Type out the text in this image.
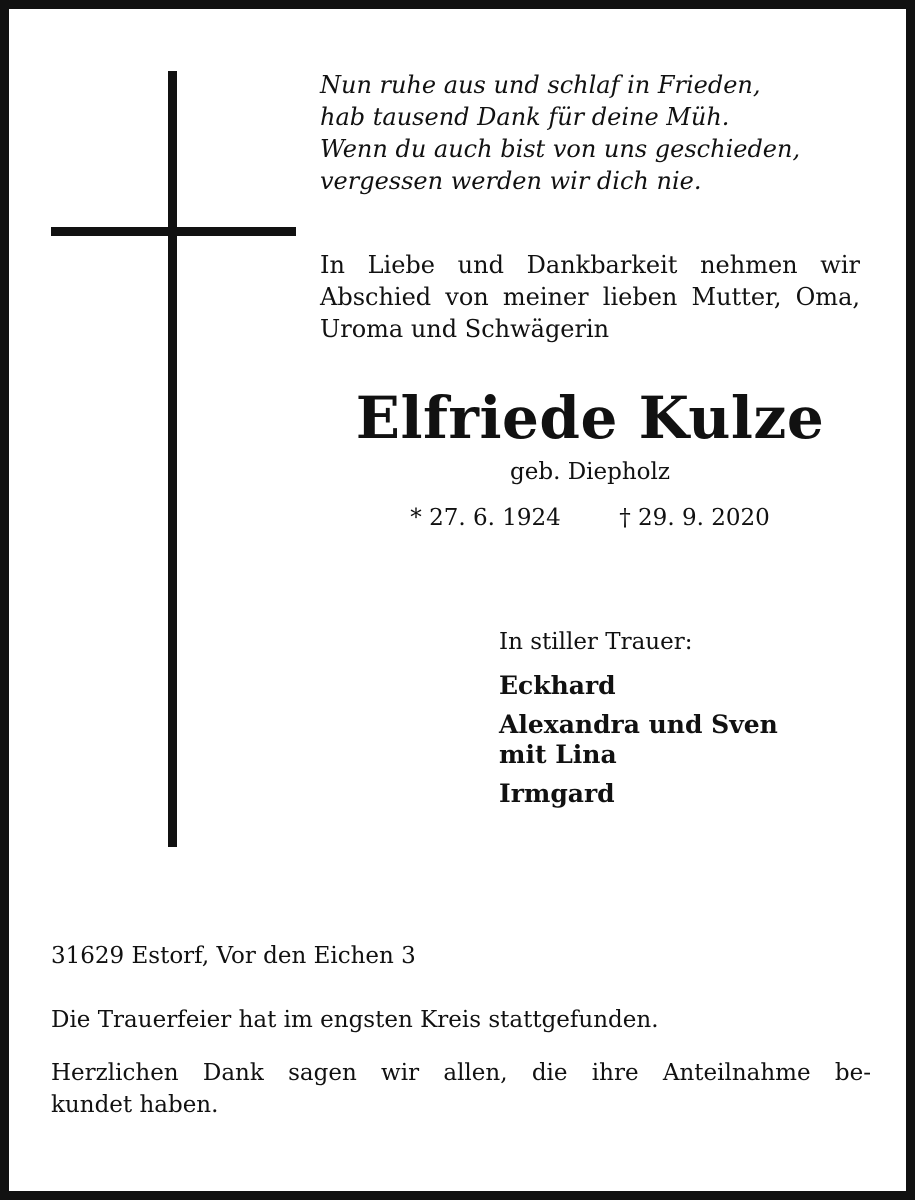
Nun ruhe aus und schlaf in Frieden,
hab tausend Dank für deine Müh.
Wenn du auch bist von uns geschieden,
vergessen werden wir dich nie.
In Liebe und Dankbarkeit nehmen wir
Abschied von meiner lieben Mutter, Oma,
Uroma und Schwägerin
Elfriede Kulze
geb. Diepholz
* 27. 6. 1924        † 29. 9. 2020
In stiller Trauer:
Eckhard
Alexandra und Sven
mit Lina
Irmgard
31629 Estorf, Vor den Eichen 3
Die Trauerfeier hat im engsten Kreis stattgefunden.
Herzlichen Dank sagen wir allen, die ihre Anteilnahme be-
kundet haben.
